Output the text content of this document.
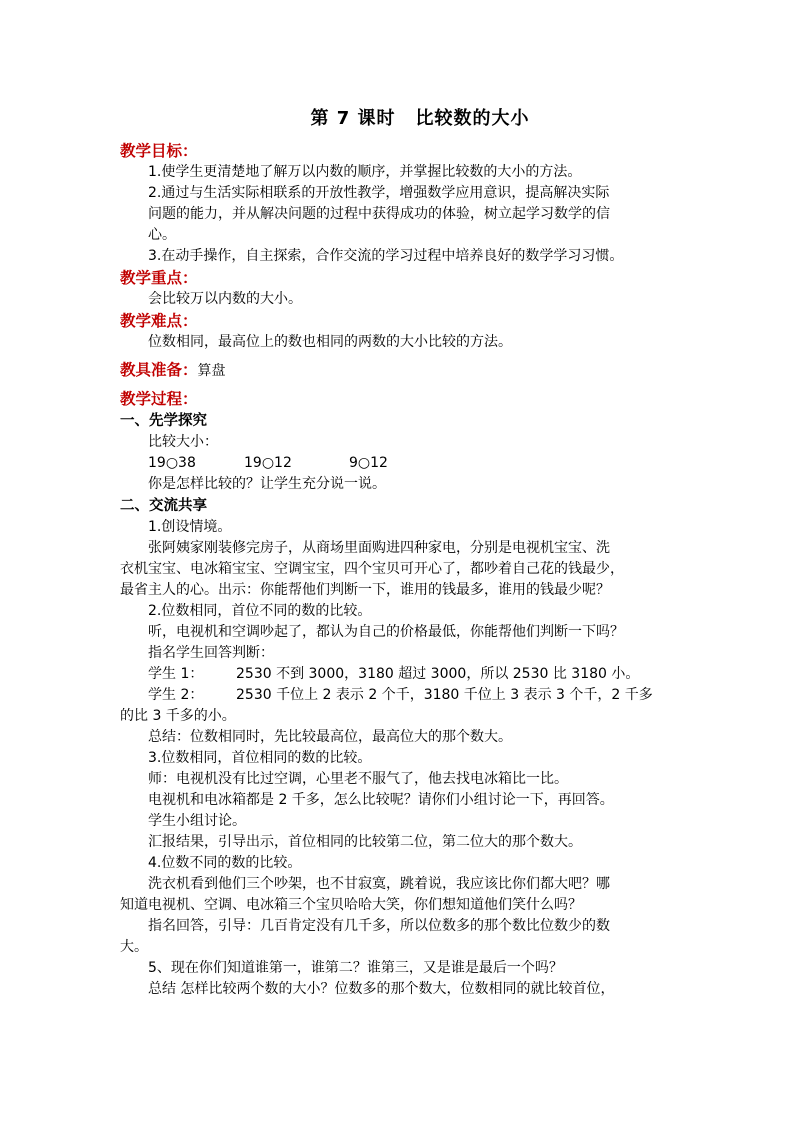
第 7 课时 比较数的大小

教学目标：

1.使学生更清楚地了解万以内数的顺序，并掌握比较数的大小的方法。

2.通过与生活实际相联系的开放性教学，增强数学应用意识，提高解决实际

问题的能力，并从解决问题的过程中获得成功的体验，树立起学习数学的信

心。

3.在动手操作，自主探索，合作交流的学习过程中培养良好的数学学习习惯。

教学重点：

会比较万以内数的大小。

教学难点：

位数相同，最高位上的数也相同的两数的大小比较的方法。

教具准备：算盘

教学过程：

一、先学探究

比较大小：

19○38	19○12	9○12

你是怎样比较的？让学生充分说一说。

二、交流共享

1.创设情境。

张阿姨家刚装修完房子，从商场里面购进四种家电，分别是电视机宝宝、洗

衣机宝宝、电冰箱宝宝、空调宝宝，四个宝贝可开心了，都吵着自己花的钱最少，

最省主人的心。出示：你能帮他们判断一下，谁用的钱最多，谁用的钱最少呢？

2.位数相同，首位不同的数的比较。

听，电视机和空调吵起了，都认为自己的价格最低，你能帮他们判断一下吗？

指名学生回答判断：

学生 1： 2530 不到 3000，3180 超过 3000，所以 2530 比 3180 小。

学生 2： 2530 千位上 2 表示 2 个千，3180 千位上 3 表示 3 个千，2 千多

的比 3 千多的小。

总结：位数相同时，先比较最高位，最高位大的那个数大。

3.位数相同，首位相同的数的比较。

师：电视机没有比过空调，心里老不服气了，他去找电冰箱比一比。

电视机和电冰箱都是 2 千多，怎么比较呢？请你们小组讨论一下，再回答。

学生小组讨论。

汇报结果，引导出示，首位相同的比较第二位，第二位大的那个数大。

4.位数不同的数的比较。

洗衣机看到他们三个吵架，也不甘寂寞，跳着说，我应该比你们都大吧？哪

知道电视机、空调、电冰箱三个宝贝哈哈大笑，你们想知道他们笑什么吗？

指名回答，引导：几百肯定没有几千多，所以位数多的那个数比位数少的数

大。

5、现在你们知道谁第一，谁第二？谁第三，又是谁是最后一个吗？

总结 怎样比较两个数的大小？位数多的那个数大，位数相同的就比较首位，
